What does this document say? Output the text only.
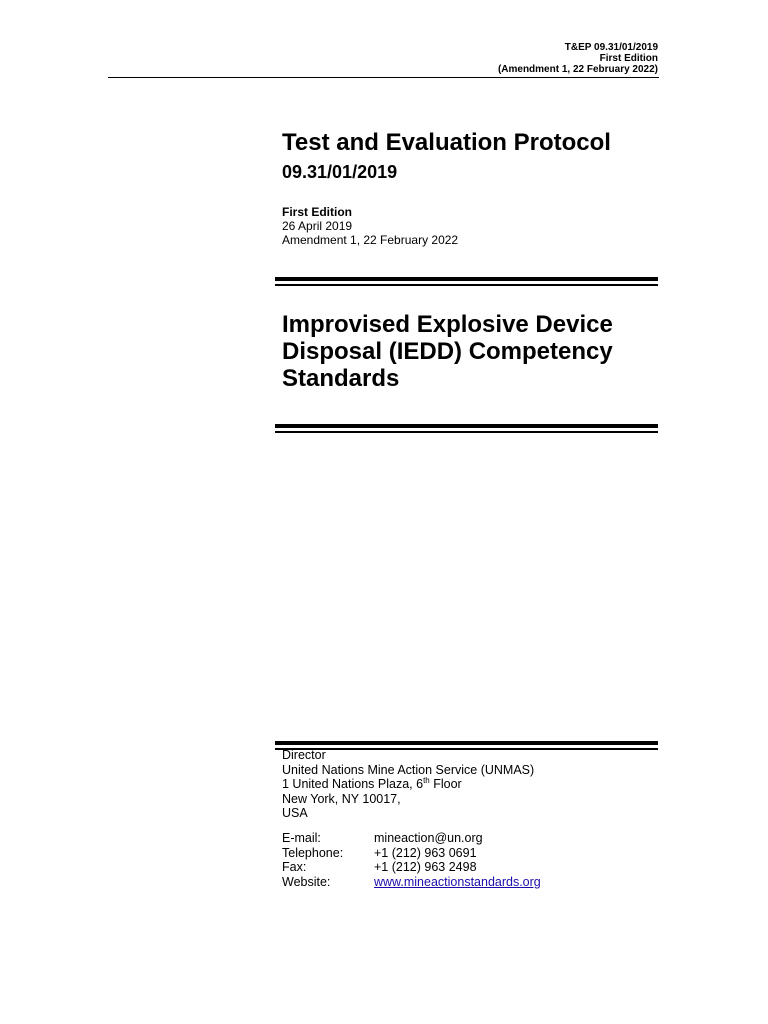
T&EP 09.31/01/2019
First Edition
(Amendment 1, 22 February 2022)
Test and Evaluation Protocol
09.31/01/2019
First Edition
26 April 2019
Amendment 1, 22 February 2022
Improvised Explosive Device
Disposal (IEDD) Competency
Standards
Director
United Nations Mine Action Service (UNMAS)
1 United Nations Plaza, 6th Floor
New York, NY 10017,
USA
E-mail:	mineaction@un.org
Telephone:	+1 (212) 963 0691
Fax:	+1 (212) 963 2498
Website:	www.mineactionstandards.org
